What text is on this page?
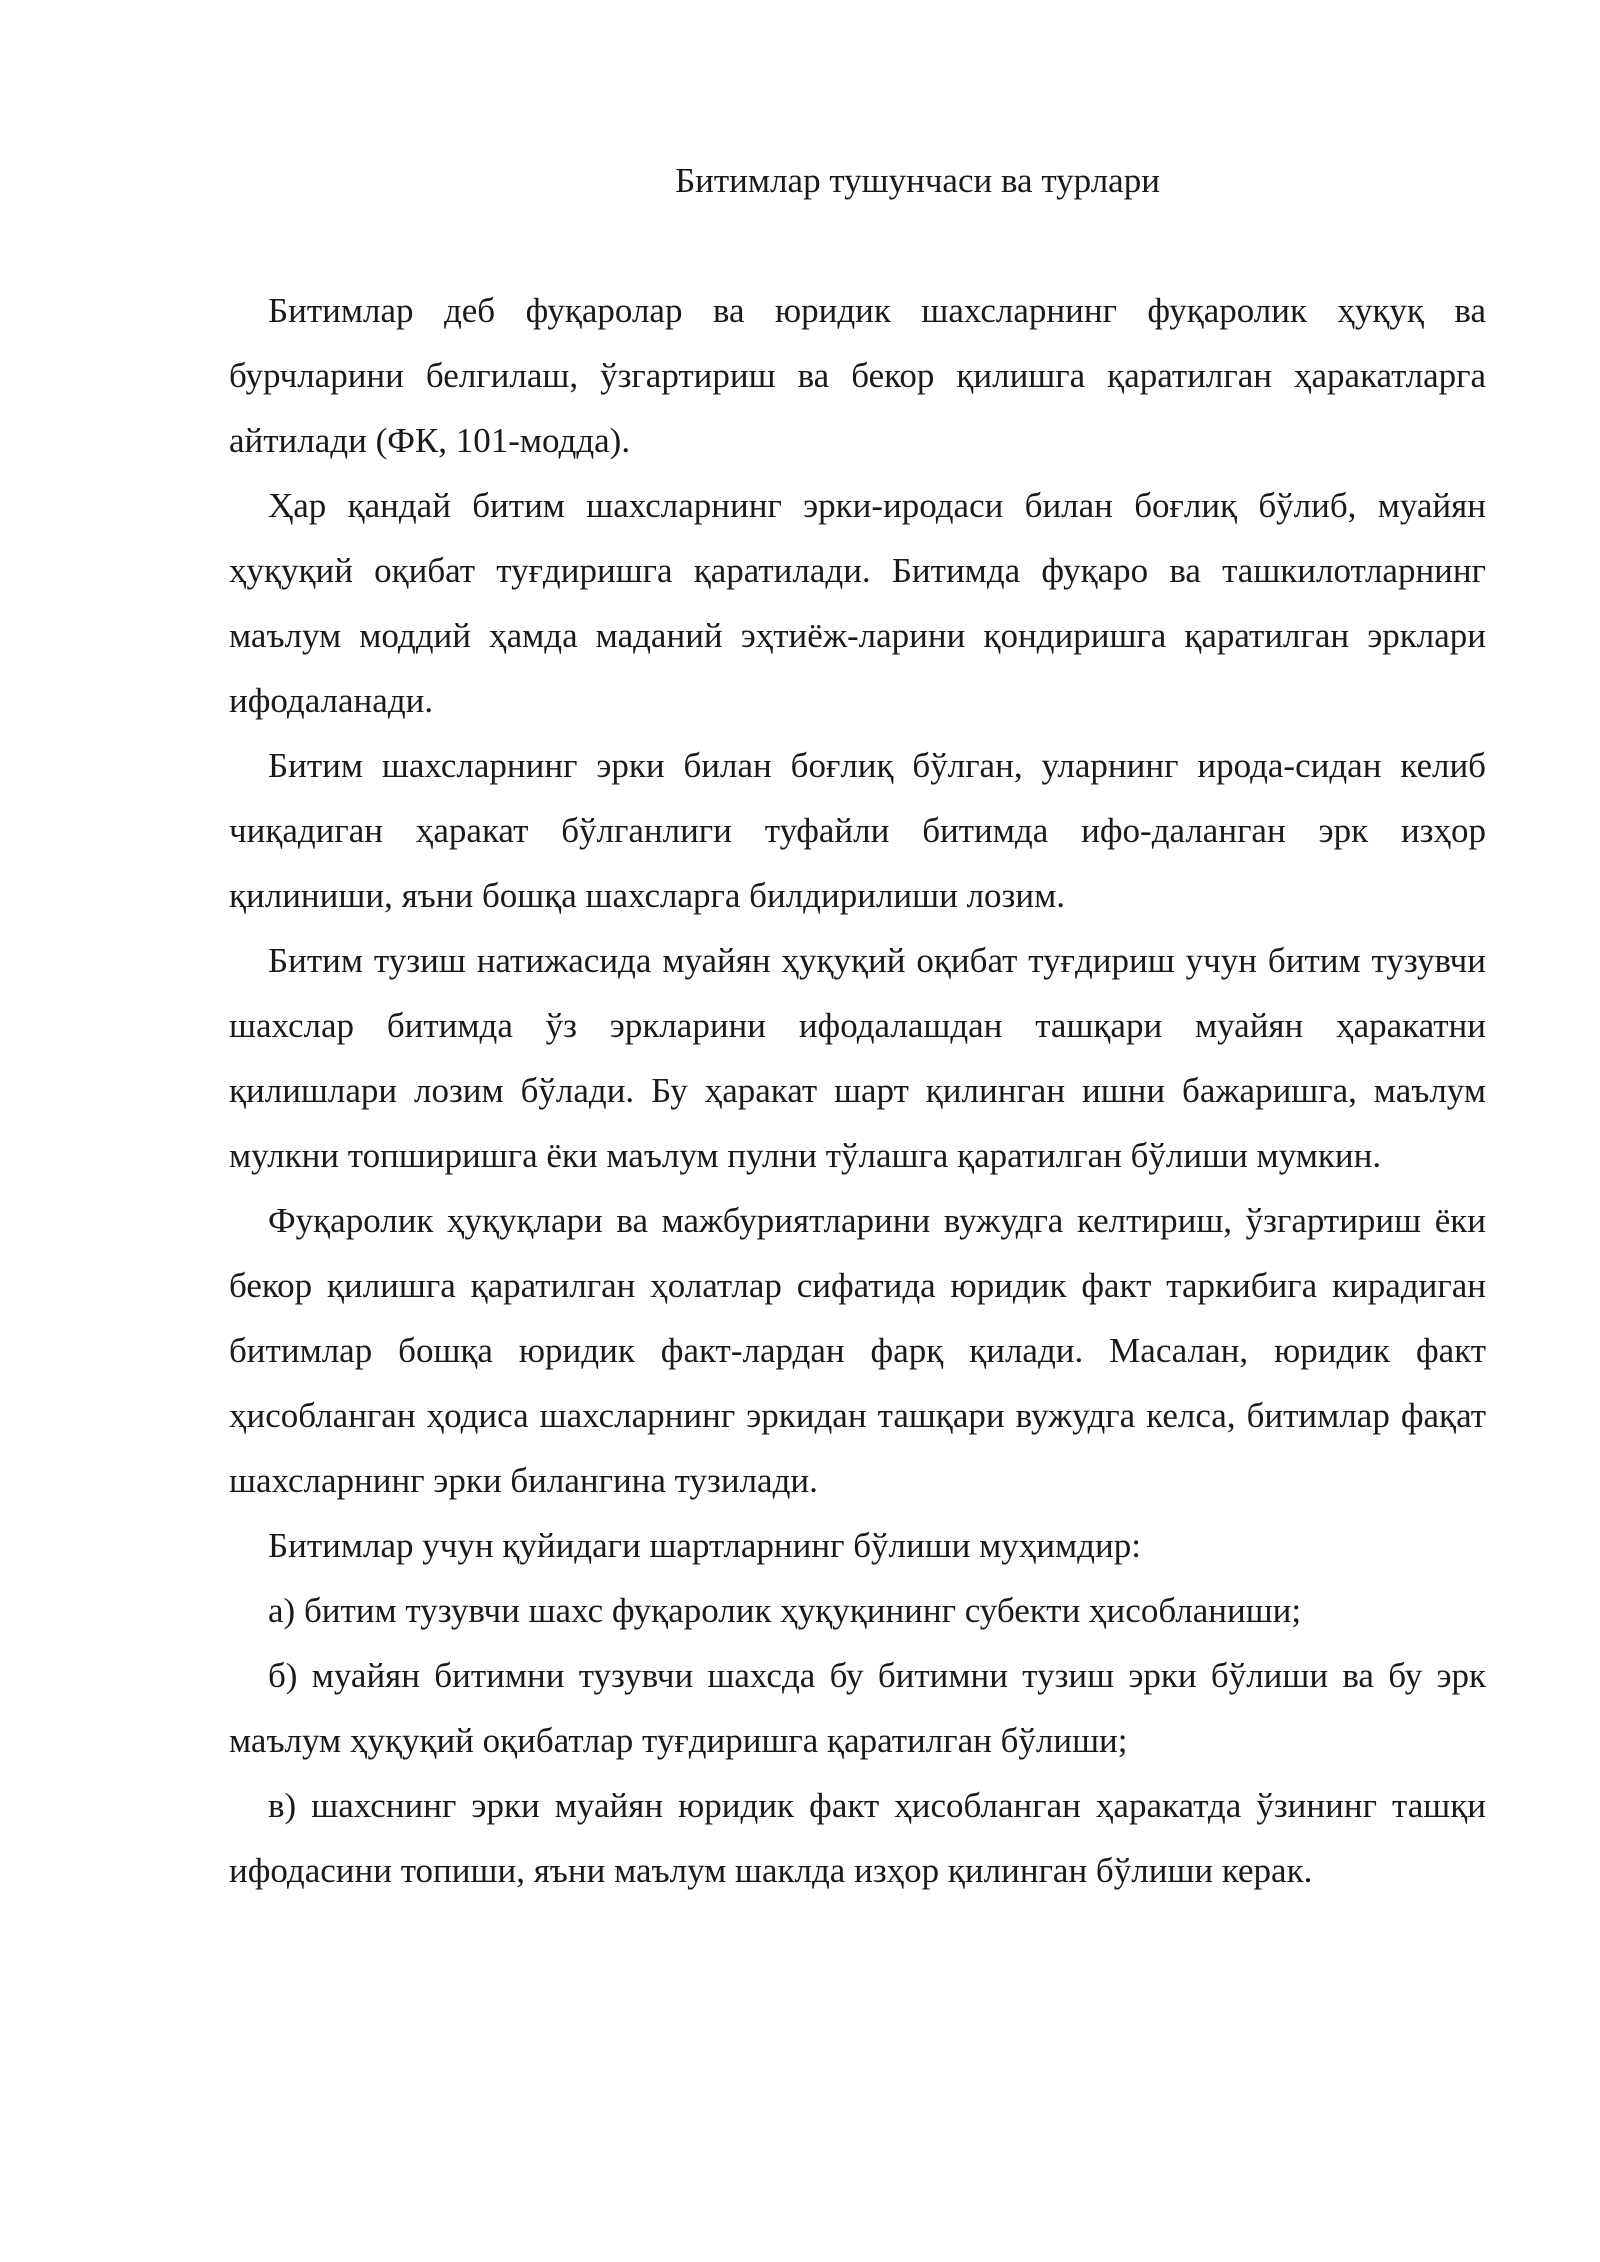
Битимлар тушунчаси ва турлари

Битимлар деб фуқаролар ва юридик шахсларнинг фуқаролик ҳуқуқ ва бурчларини белгилаш, ўзгартириш ва бекор қилишга қаратилган ҳаракатларга айтилади (ФК, 101-модда).

Ҳар қандай битим шахсларнинг эрки-иродаси билан боғлиқ бўлиб, муайян ҳуқуқий оқибат туғдиришга қаратилади. Битимда фуқаро ва ташкилотларнинг маълум моддий ҳамда маданий эҳтиёж-ларини қондиришга қаратилган эрклари ифодаланади.

Битим шахсларнинг эрки билан боғлиқ бўлган, уларнинг ирода-сидан келиб чиқадиган ҳаракат бўлганлиги туфайли битимда ифо-даланган эрк изҳор қилиниши, яъни бошқа шахсларга билдирилиши лозим.

Битим тузиш натижасида муайян ҳуқуқий оқибат туғдириш учун битим тузувчи шахслар битимда ўз эркларини ифодалашдан ташқари муайян ҳаракатни қилишлари лозим бўлади. Бу ҳаракат шарт қилинган ишни бажаришга, маълум мулкни топширишга ёки маълум пулни тўлашга қаратилган бўлиши мумкин.

Фуқаролик ҳуқуқлари ва мажбуриятларини вужудга келтириш, ўзгартириш ёки бекор қилишга қаратилган ҳолатлар сифатида юридик факт таркибига кирадиган битимлар бошқа юридик факт-лардан фарқ қилади. Масалан, юридик факт ҳисобланган ҳодиса шахсларнинг эркидан ташқари вужудга келса, битимлар фақат шахсларнинг эрки билангина тузилади.

Битимлар учун қуйидаги шартларнинг бўлиши муҳимдир:

а) битим тузувчи шахс фуқаролик ҳуқуқининг субекти ҳисобланиши;

б) муайян битимни тузувчи шахсда бу битимни тузиш эрки бўлиши ва бу эрк маълум ҳуқуқий оқибатлар туғдиришга қаратилган бўлиши;

в) шахснинг эрки муайян юридик факт ҳисобланган ҳаракатда ўзининг ташқи ифодасини топиши, яъни маълум шаклда изҳор қилинган бўлиши керак.
